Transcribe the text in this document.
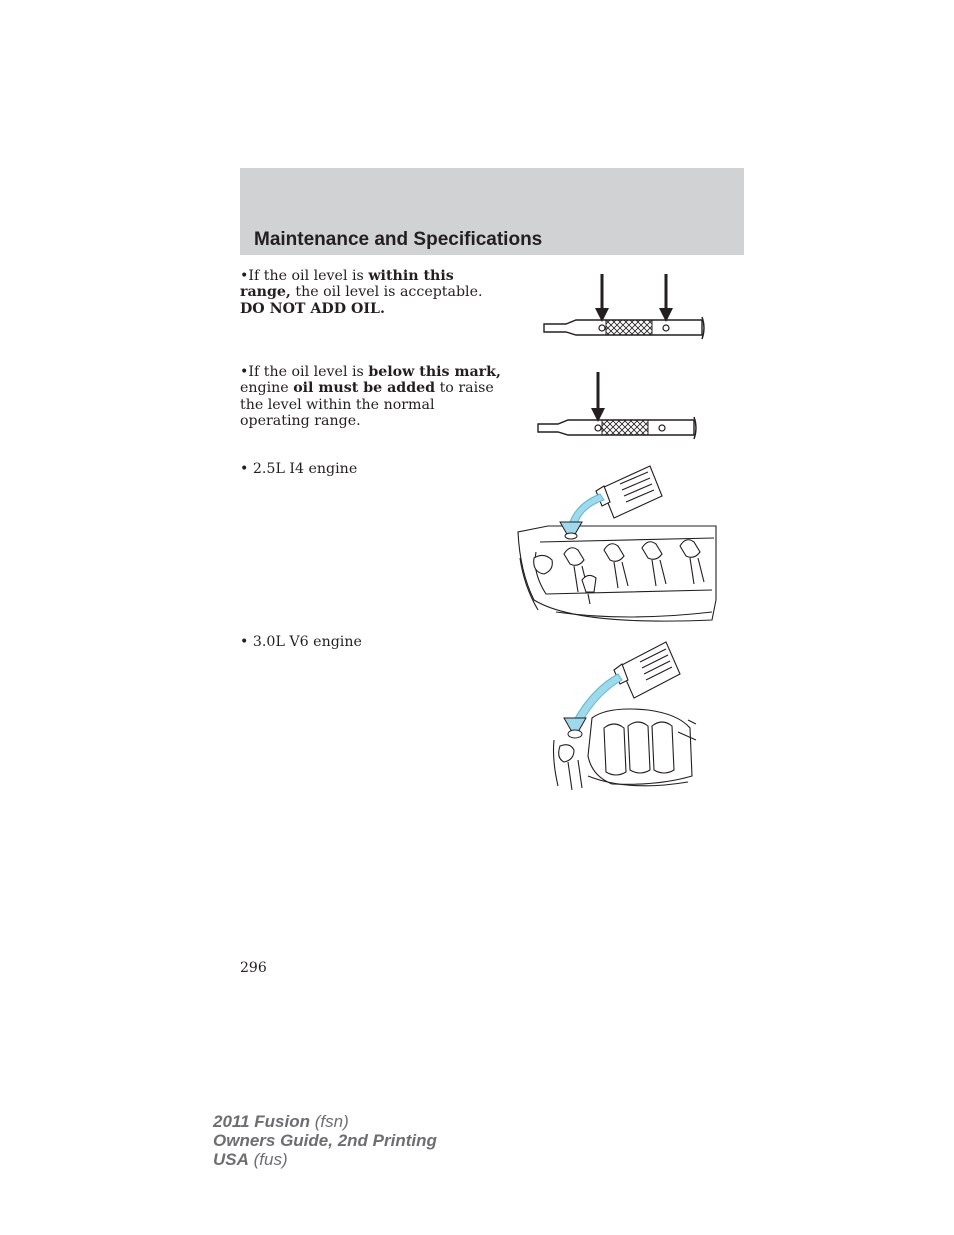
Maintenance and Specifications
•If the oil level is within this range, the oil level is acceptable. DO NOT ADD OIL.
•If the oil level is below this mark, engine oil must be added to raise the level within the normal operating range.
• 2.5L I4 engine
• 3.0L V6 engine
296
2011 Fusion (fsn)
Owners Guide, 2nd Printing
USA (fus)
